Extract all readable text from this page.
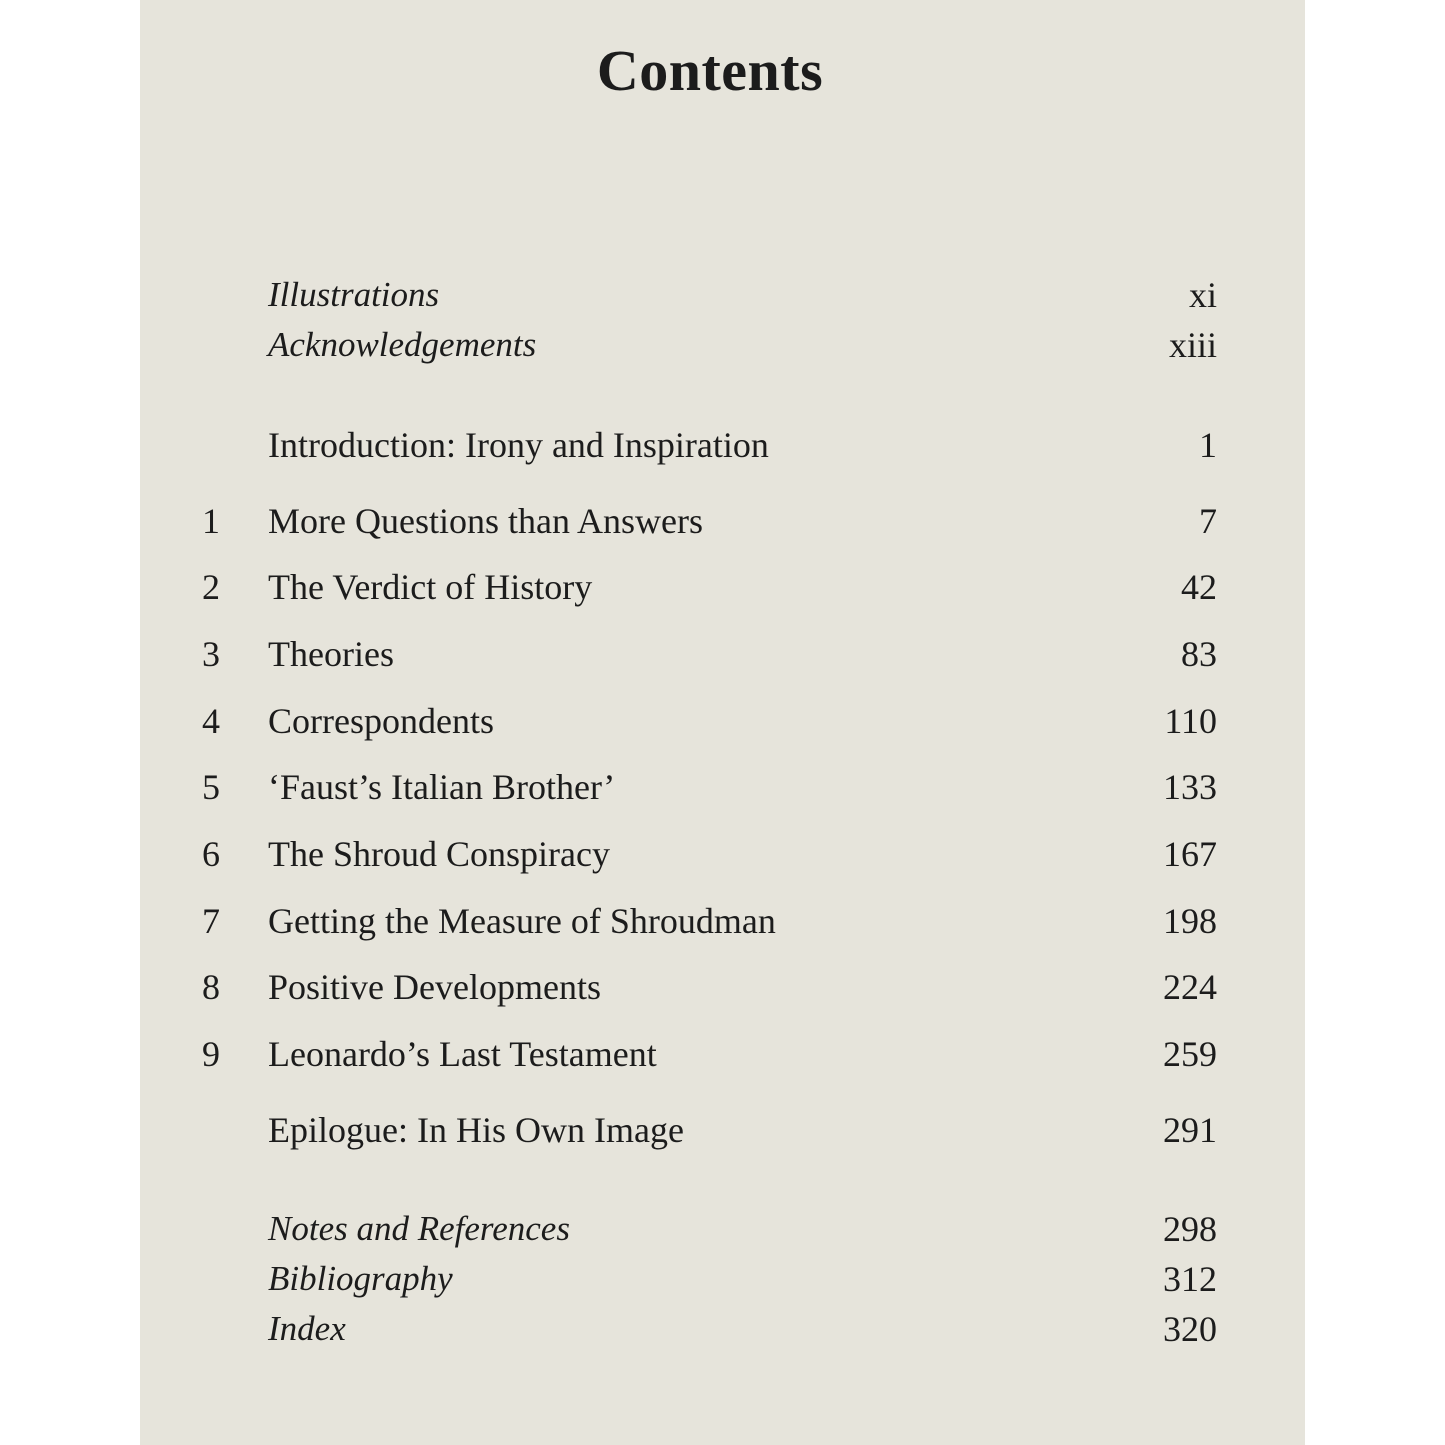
Contents
Illustrations	xi
Acknowledgements	xiii
Introduction: Irony and Inspiration	1
1	More Questions than Answers	7
2	The Verdict of History	42
3	Theories	83
4	Correspondents	110
5	‘Faust’s Italian Brother’	133
6	The Shroud Conspiracy	167
7	Getting the Measure of Shroudman	198
8	Positive Developments	224
9	Leonardo’s Last Testament	259
Epilogue: In His Own Image	291
Notes and References	298
Bibliography	312
Index	320
